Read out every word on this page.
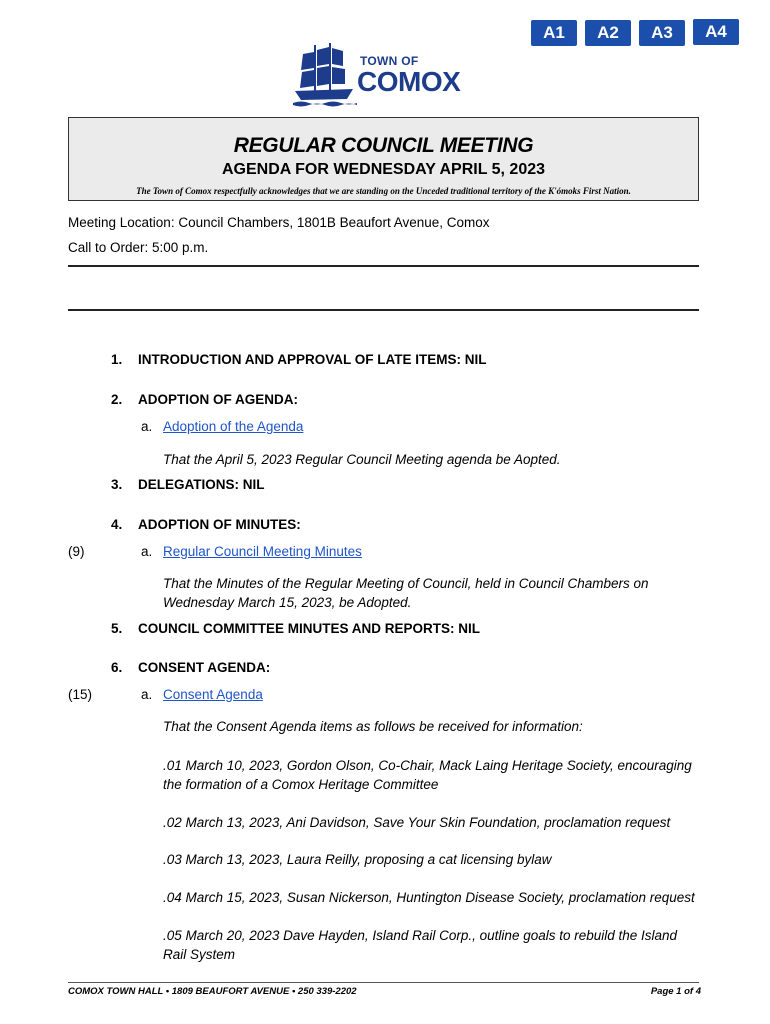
A1	A2	A3	A4
TOWN OF
COMOX
REGULAR COUNCIL MEETING
AGENDA FOR WEDNESDAY APRIL 5, 2023
The Town of Comox respectfully acknowledges that we are standing on the Unceded traditional territory of the K'ómoks First Nation.
Meeting Location: Council Chambers, 1801B Beaufort Avenue, Comox
Call to Order: 5:00 p.m.
1. INTRODUCTION AND APPROVAL OF LATE ITEMS: NIL
2. ADOPTION OF AGENDA:
a. Adoption of the Agenda
That the April 5, 2023 Regular Council Meeting agenda be Aopted.
3. DELEGATIONS: NIL
4. ADOPTION OF MINUTES:
(9)	a. Regular Council Meeting Minutes
That the Minutes of the Regular Meeting of Council, held in Council Chambers on Wednesday March 15, 2023, be Adopted.
5. COUNCIL COMMITTEE MINUTES AND REPORTS: NIL
6. CONSENT AGENDA:
(15)	a. Consent Agenda
That the Consent Agenda items as follows be received for information:
.01 March 10, 2023, Gordon Olson, Co-Chair, Mack Laing Heritage Society, encouraging the formation of a Comox Heritage Committee
.02 March 13, 2023, Ani Davidson, Save Your Skin Foundation, proclamation request
.03 March 13, 2023, Laura Reilly, proposing a cat licensing bylaw
.04 March 15, 2023, Susan Nickerson, Huntington Disease Society, proclamation request
.05 March 20, 2023 Dave Hayden, Island Rail Corp., outline goals to rebuild the Island Rail System
COMOX TOWN HALL • 1809 BEAUFORT AVENUE • 250 339-2202	Page 1 of 4
